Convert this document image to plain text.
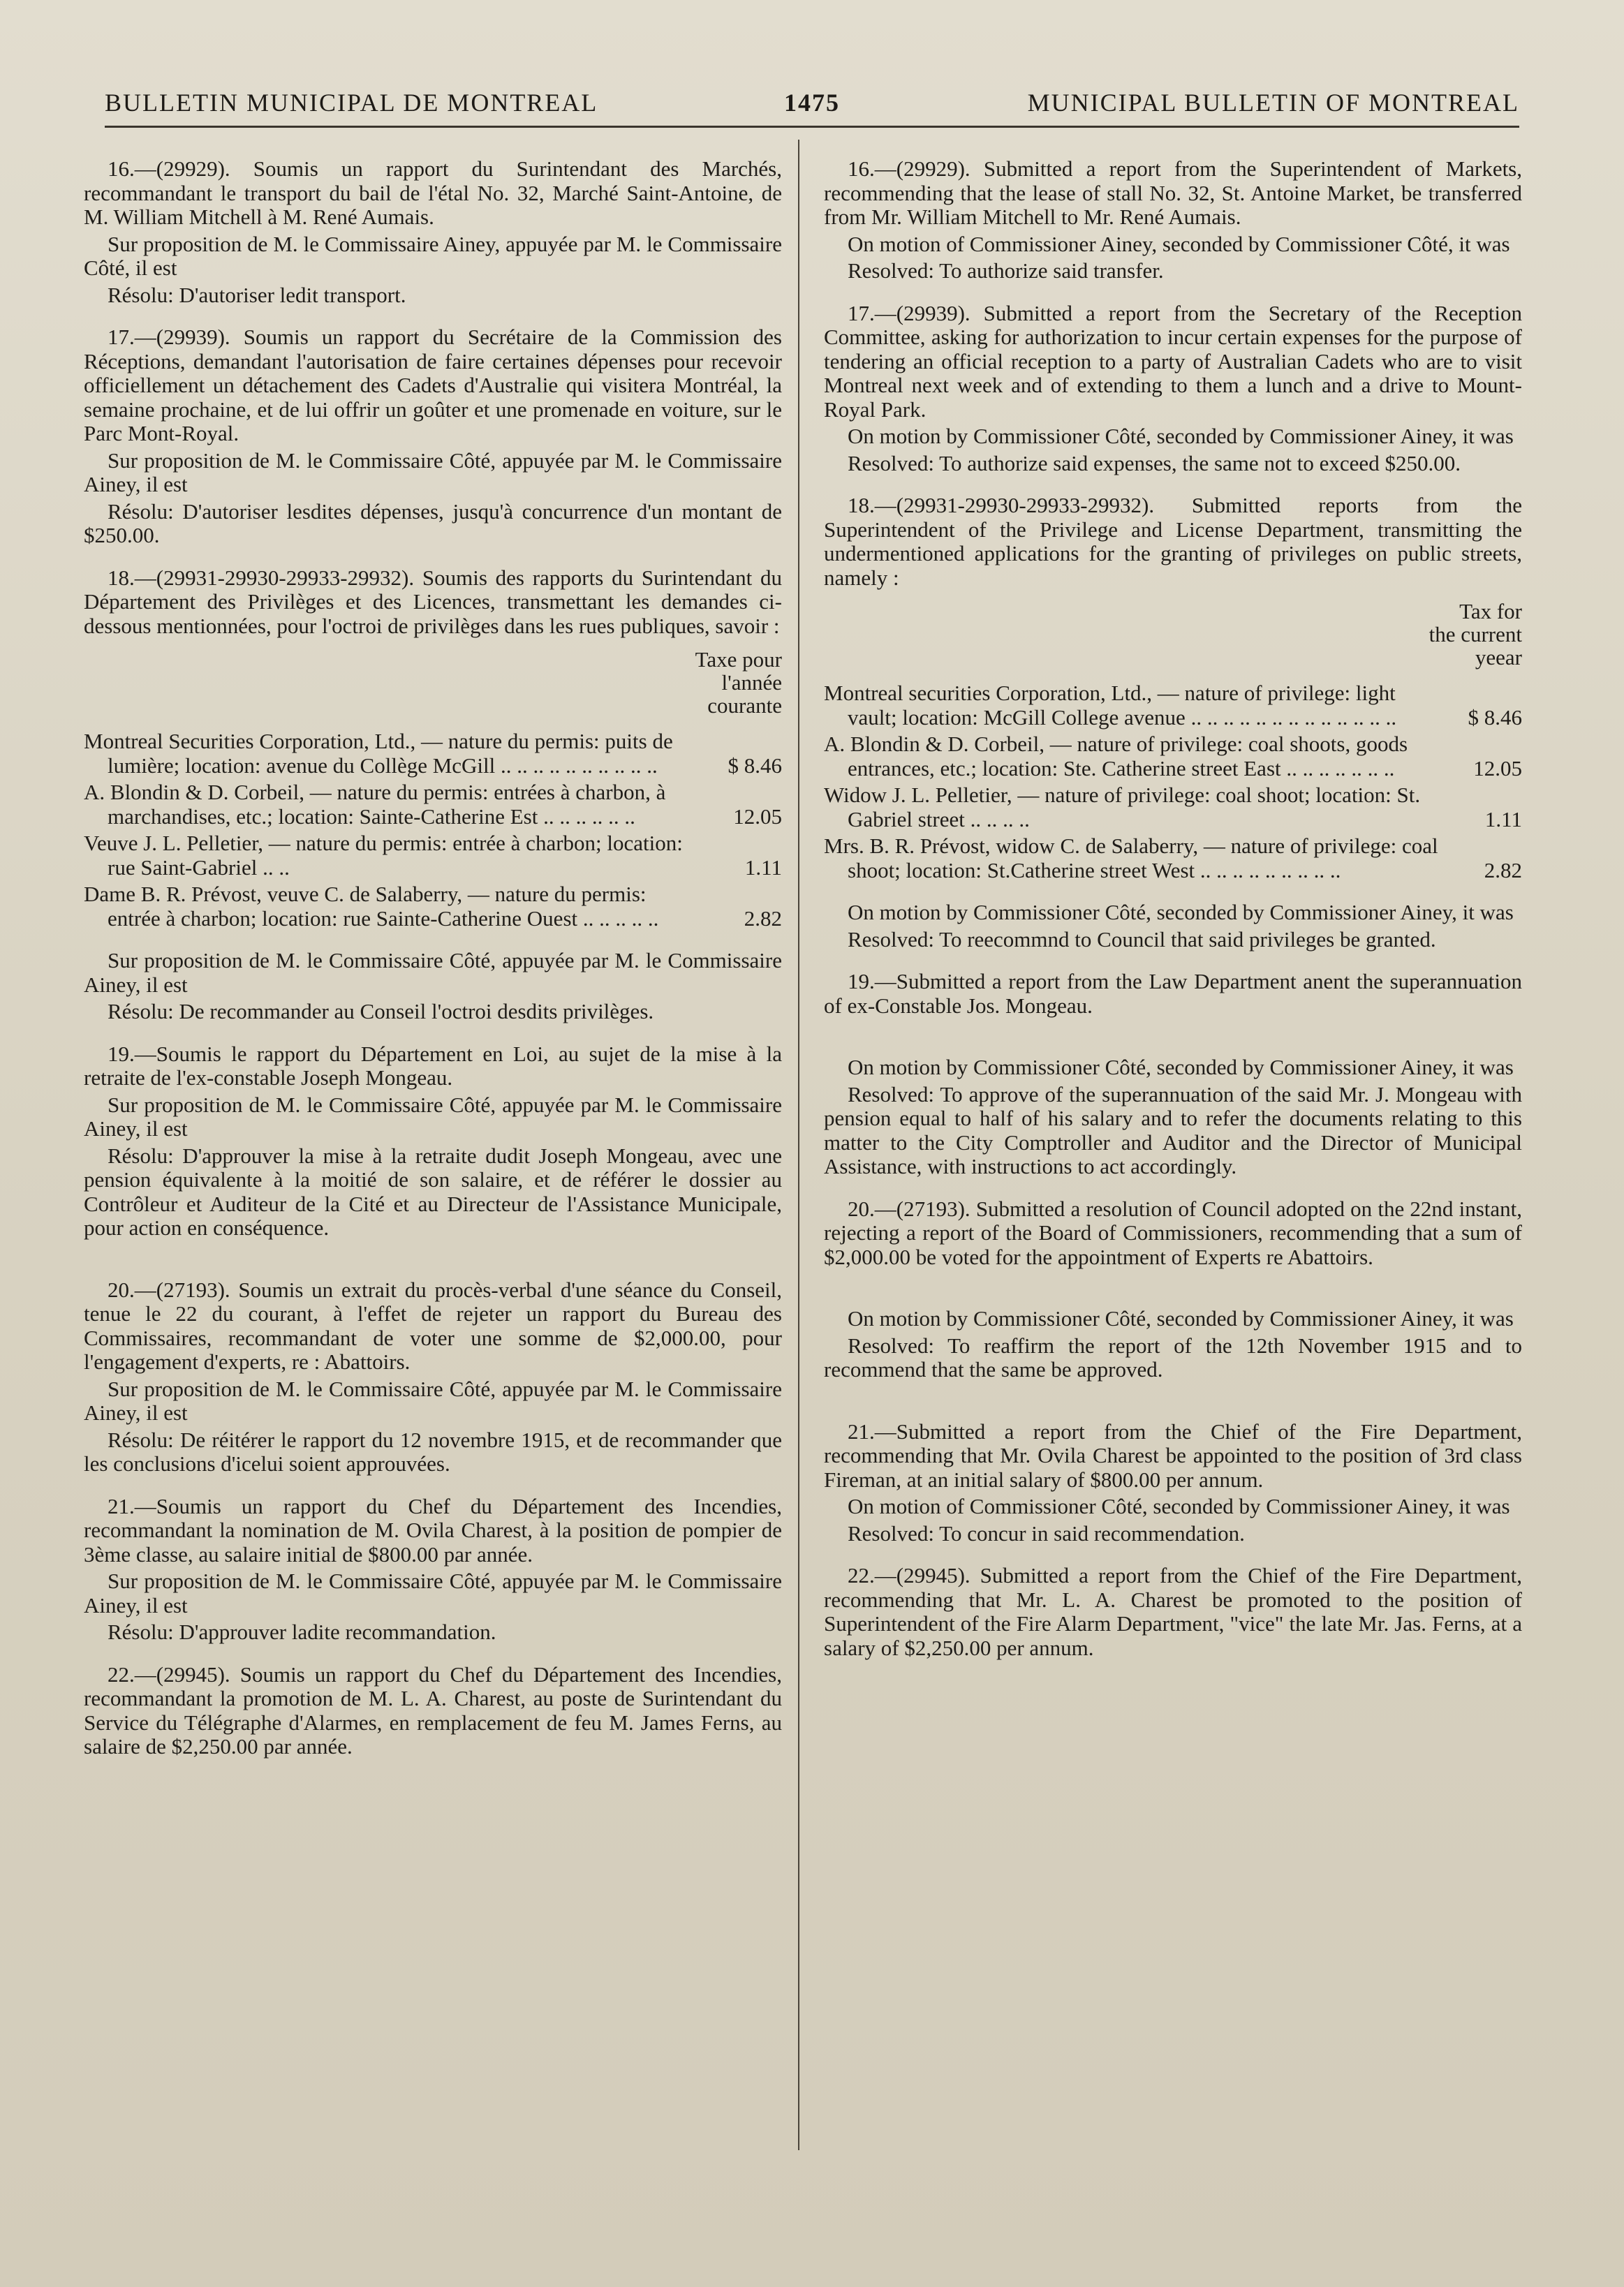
BULLETIN MUNICIPAL DE MONTREAL	1475	MUNICIPAL BULLETIN OF MONTREAL

16.—(29929). Soumis un rapport du Surintendant des Marchés, recommandant le transport du bail de l'étal No. 32, Marché Saint-Antoine, de M. William Mitchell à M. René Aumais.

Sur proposition de M. le Commissaire Ainey, appuyée par M. le Commissaire Côté, il est

Résolu: D'autoriser ledit transport.

17.—(29939). Soumis un rapport du Secrétaire de la Commission des Réceptions, demandant l'autorisation de faire certaines dépenses pour recevoir officiellement un détachement des Cadets d'Australie qui visitera Montréal, la semaine prochaine, et de lui offrir un goûter et une promenade en voiture, sur le Parc Mont-Royal.

Sur proposition de M. le Commissaire Côté, appuyée par M. le Commissaire Ainey, il est

Résolu: D'autoriser lesdites dépenses, jusqu'à concurrence d'un montant de $250.00.

18.—(29931-29930-29933-29932). Soumis des rapports du Surintendant du Département des Privilèges et des Licences, transmettant les demandes ci-dessous mentionnées, pour l'octroi de privilèges dans les rues publiques, savoir :

Taxe pour
l'année
courante
Montreal Securities Corporation, Ltd., — nature du permis: puits de lumière; location: avenue du Collège McGill .. .. .. .. .. .. .. .. .. ..	$ 8.46
A. Blondin & D. Corbeil, — nature du permis: entrées à charbon, à marchandises, etc.; location: Sainte-Catherine Est .. .. .. .. .. ..	12.05
Veuve J. L. Pelletier, — nature du permis: entrée à charbon; location: rue Saint-Gabriel .. ..	1.11
Dame B. R. Prévost, veuve C. de Salaberry, — nature du permis: entrée à charbon; location: rue Sainte-Catherine Ouest .. .. .. .. ..	2.82

Sur proposition de M. le Commissaire Côté, appuyée par M. le Commissaire Ainey, il est

Résolu: De recommander au Conseil l'octroi desdits privilèges.

19.—Soumis le rapport du Département en Loi, au sujet de la mise à la retraite de l'ex-constable Joseph Mongeau.

Sur proposition de M. le Commissaire Côté, appuyée par M. le Commissaire Ainey, il est

Résolu: D'approuver la mise à la retraite dudit Joseph Mongeau, avec une pension équivalente à la moitié de son salaire, et de référer le dossier au Contrôleur et Auditeur de la Cité et au Directeur de l'Assistance Municipale, pour action en conséquence.

20.—(27193). Soumis un extrait du procès-verbal d'une séance du Conseil, tenue le 22 du courant, à l'effet de rejeter un rapport du Bureau des Commissaires, recommandant de voter une somme de $2,000.00, pour l'engagement d'experts, re : Abattoirs.

Sur proposition de M. le Commissaire Côté, appuyée par M. le Commissaire Ainey, il est

Résolu: De réitérer le rapport du 12 novembre 1915, et de recommander que les conclusions d'icelui soient approuvées.

21.—Soumis un rapport du Chef du Département des Incendies, recommandant la nomination de M. Ovila Charest, à la position de pompier de 3ème classe, au salaire initial de $800.00 par année.

Sur proposition de M. le Commissaire Côté, appuyée par M. le Commissaire Ainey, il est

Résolu: D'approuver ladite recommandation.

22.—(29945). Soumis un rapport du Chef du Département des Incendies, recommandant la promotion de M. L. A. Charest, au poste de Surintendant du Service du Télégraphe d'Alarmes, en remplacement de feu M. James Ferns, au salaire de $2,250.00 par année.

16.—(29929). Submitted a report from the Superintendent of Markets, recommending that the lease of stall No. 32, St. Antoine Market, be transferred from Mr. William Mitchell to Mr. René Aumais.

On motion of Commissioner Ainey, seconded by Commissioner Côté, it was

Resolved: To authorize said transfer.

17.—(29939). Submitted a report from the Secretary of the Reception Committee, asking for authorization to incur certain expenses for the purpose of tendering an official reception to a party of Australian Cadets who are to visit Montreal next week and of extending to them a lunch and a drive to Mount-Royal Park.

On motion by Commissioner Côté, seconded by Commissioner Ainey, it was

Resolved: To authorize said expenses, the same not to exceed $250.00.

18.—(29931-29930-29933-29932). Submitted reports from the Superintendent of the Privilege and License Department, transmitting the undermentioned applications for the granting of privileges on public streets, namely :

Tax for
the current
yeear
Montreal securities Corporation, Ltd., — nature of privilege: light vault; location: McGill College avenue .. .. .. .. .. .. .. .. .. .. .. .. ..	$ 8.46
A. Blondin & D. Corbeil, — nature of privilege: coal shoots, goods entrances, etc.; location: Ste. Catherine street East .. .. .. .. .. .. ..	12.05
Widow J. L. Pelletier, — nature of privilege: coal shoot; location: St. Gabriel street .. .. .. ..	1.11
Mrs. B. R. Prévost, widow C. de Salaberry, — nature of privilege: coal shoot; location: St.Catherine street West .. .. .. .. .. .. .. .. ..	2.82

On motion by Commissioner Côté, seconded by Commissioner Ainey, it was

Resolved: To reecommnd to Council that said privileges be granted.

19.—Submitted a report from the Law Department anent the superannuation of ex-Constable Jos. Mongeau.

On motion by Commissioner Côté, seconded by Commissioner Ainey, it was

Resolved: To approve of the superannuation of the said Mr. J. Mongeau with pension equal to half of his salary and to refer the documents relating to this matter to the City Comptroller and Auditor and the Director of Municipal Assistance, with instructions to act accordingly.

20.—(27193). Submitted a resolution of Council adopted on the 22nd instant, rejecting a report of the Board of Commissioners, recommending that a sum of $2,000.00 be voted for the appointment of Experts re Abattoirs.

On motion by Commissioner Côté, seconded by Commissioner Ainey, it was

Resolved: To reaffirm the report of the 12th November 1915 and to recommend that the same be approved.

21.—Submitted a report from the Chief of the Fire Department, recommending that Mr. Ovila Charest be appointed to the position of 3rd class Fireman, at an initial salary of $800.00 per annum.

On motion of Commissioner Côté, seconded by Commissioner Ainey, it was

Resolved: To concur in said recommendation.

22.—(29945). Submitted a report from the Chief of the Fire Department, recommending that Mr. L. A. Charest be promoted to the position of Superintendent of the Fire Alarm Department, "vice" the late Mr. Jas. Ferns, at a salary of $2,250.00 per annum.
